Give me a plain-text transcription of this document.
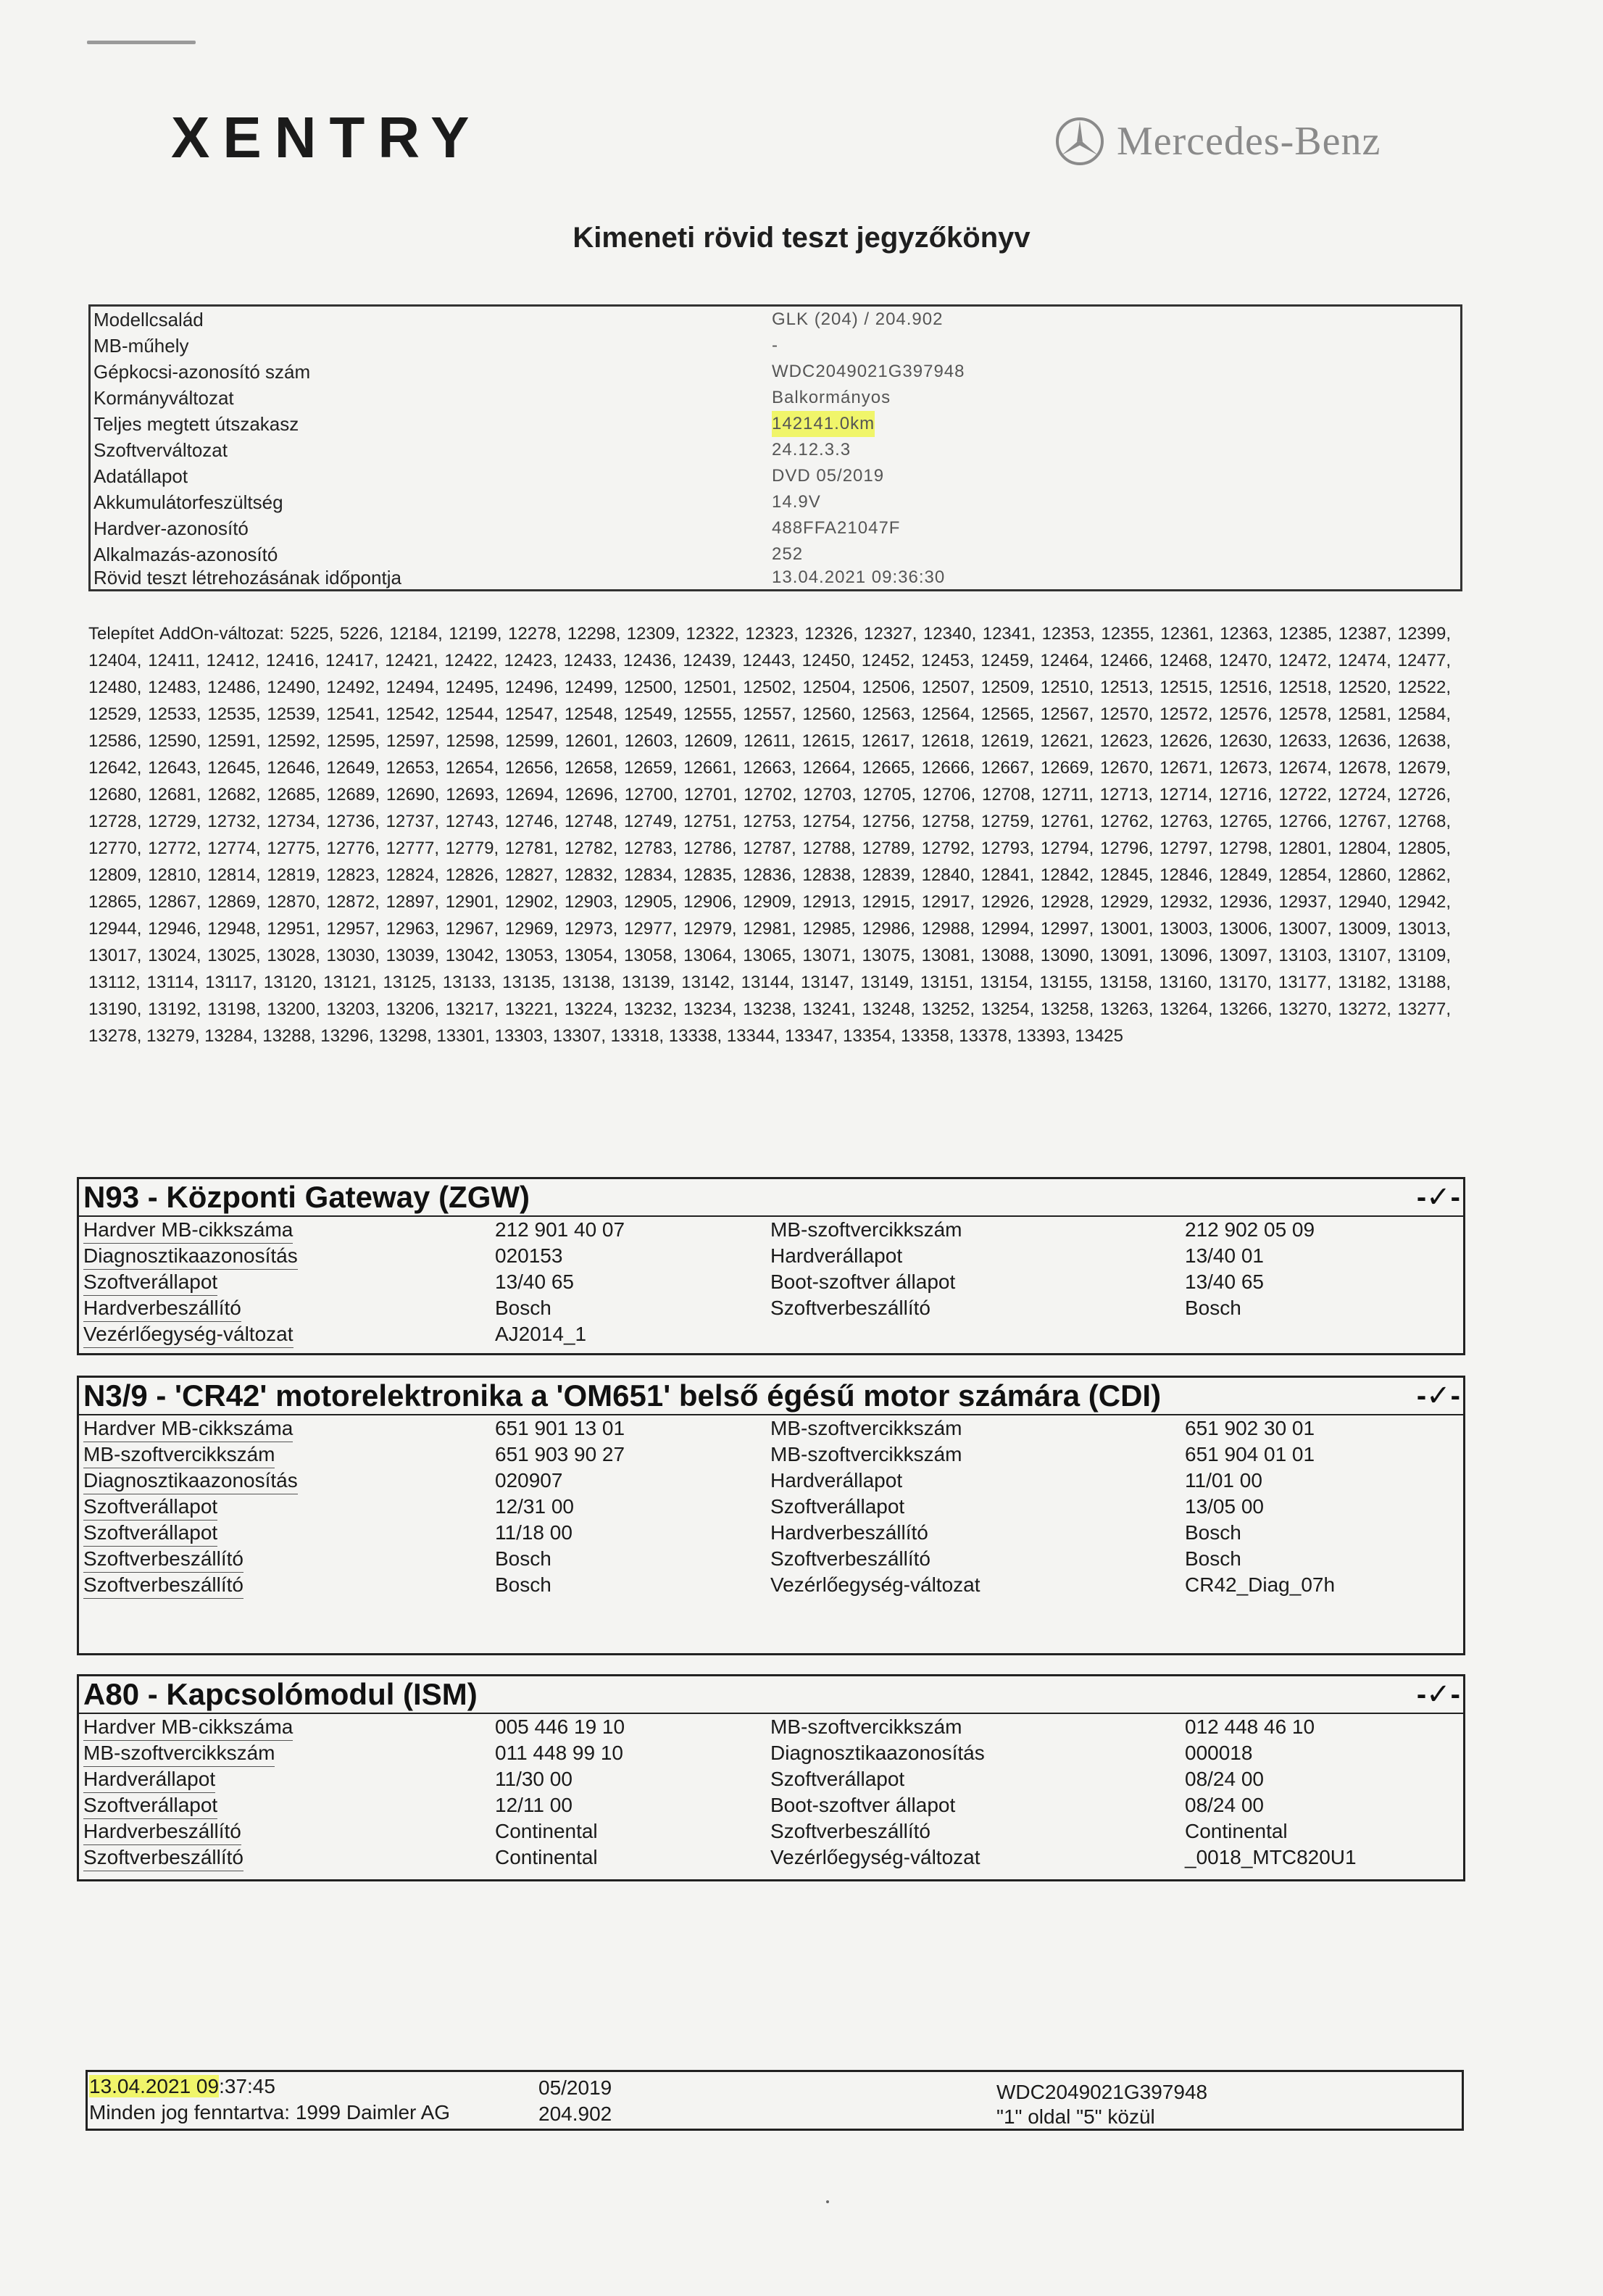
XENTRY	Mercedes-Benz
Kimeneti rövid teszt jegyzőkönyv
Modellcsalád	GLK (204) / 204.902
MB-műhely	-
Gépkocsi-azonosító szám	WDC2049021G397948
Kormányváltozat	Balkormányos
Teljes megtett útszakasz	142141.0km
Szoftverváltozat	24.12.3.3
Adatállapot	DVD 05/2019
Akkumulátorfeszültség	14.9V
Hardver-azonosító	488FFA21047F
Alkalmazás-azonosító	252
Rövid teszt létrehozásának időpontja	13.04.2021 09:36:30
Telepítet AddOn-változat: 5225, 5226, 12184, 12199, 12278, 12298, 12309, 12322, 12323, 12326, 12327, 12340, 12341, 12353, 12355, 12361, 12363, 12385, 12387, 12399, 12404, 12411, 12412, 12416, 12417, 12421, 12422, 12423, 12433, 12436, 12439, 12443, 12450, 12452, 12453, 12459, 12464, 12466, 12468, 12470, 12472, 12474, 12477, 12480, 12483, 12486, 12490, 12492, 12494, 12495, 12496, 12499, 12500, 12501, 12502, 12504, 12506, 12507, 12509, 12510, 12513, 12515, 12516, 12518, 12520, 12522, 12529, 12533, 12535, 12539, 12541, 12542, 12544, 12547, 12548, 12549, 12555, 12557, 12560, 12563, 12564, 12565, 12567, 12570, 12572, 12576, 12578, 12581, 12584, 12586, 12590, 12591, 12592, 12595, 12597, 12598, 12599, 12601, 12603, 12609, 12611, 12615, 12617, 12618, 12619, 12621, 12623, 12626, 12630, 12633, 12636, 12638, 12642, 12643, 12645, 12646, 12649, 12653, 12654, 12656, 12658, 12659, 12661, 12663, 12664, 12665, 12666, 12667, 12669, 12670, 12671, 12673, 12674, 12678, 12679, 12680, 12681, 12682, 12685, 12689, 12690, 12693, 12694, 12696, 12700, 12701, 12702, 12703, 12705, 12706, 12708, 12711, 12713, 12714, 12716, 12722, 12724, 12726, 12728, 12729, 12732, 12734, 12736, 12737, 12743, 12746, 12748, 12749, 12751, 12753, 12754, 12756, 12758, 12759, 12761, 12762, 12763, 12765, 12766, 12767, 12768, 12770, 12772, 12774, 12775, 12776, 12777, 12779, 12781, 12782, 12783, 12786, 12787, 12788, 12789, 12792, 12793, 12794, 12796, 12797, 12798, 12801, 12804, 12805, 12809, 12810, 12814, 12819, 12823, 12824, 12826, 12827, 12832, 12834, 12835, 12836, 12838, 12839, 12840, 12841, 12842, 12845, 12846, 12849, 12854, 12860, 12862, 12865, 12867, 12869, 12870, 12872, 12897, 12901, 12902, 12903, 12905, 12906, 12909, 12913, 12915, 12917, 12926, 12928, 12929, 12932, 12936, 12937, 12940, 12942, 12944, 12946, 12948, 12951, 12957, 12963, 12967, 12969, 12973, 12977, 12979, 12981, 12985, 12986, 12988, 12994, 12997, 13001, 13003, 13006, 13007, 13009, 13013, 13017, 13024, 13025, 13028, 13030, 13039, 13042, 13053, 13054, 13058, 13064, 13065, 13071, 13075, 13081, 13088, 13090, 13091, 13096, 13097, 13103, 13107, 13109, 13112, 13114, 13117, 13120, 13121, 13125, 13133, 13135, 13138, 13139, 13142, 13144, 13147, 13149, 13151, 13154, 13155, 13158, 13160, 13170, 13177, 13182, 13188, 13190, 13192, 13198, 13200, 13203, 13206, 13217, 13221, 13224, 13232, 13234, 13238, 13241, 13248, 13252, 13254, 13258, 13263, 13264, 13266, 13270, 13272, 13277, 13278, 13279, 13284, 13288, 13296, 13298, 13301, 13303, 13307, 13318, 13338, 13344, 13347, 13354, 13358, 13378, 13393, 13425
N93 - Központi Gateway (ZGW)	-✓-
Hardver MB-cikkszáma	212 901 40 07	MB-szoftvercikkszám	212 902 05 09
Diagnosztikaazonosítás	020153	Hardverállapot	13/40 01
Szoftverállapot	13/40 65	Boot-szoftver állapot	13/40 65
Hardverbeszállító	Bosch	Szoftverbeszállító	Bosch
Vezérlőegység-változat	AJ2014_1
N3/9 - 'CR42' motorelektronika a 'OM651' belső égésű motor számára (CDI)	-✓-
Hardver MB-cikkszáma	651 901 13 01	MB-szoftvercikkszám	651 902 30 01
MB-szoftvercikkszám	651 903 90 27	MB-szoftvercikkszám	651 904 01 01
Diagnosztikaazonosítás	020907	Hardverállapot	11/01 00
Szoftverállapot	12/31 00	Szoftverállapot	13/05 00
Szoftverállapot	11/18 00	Hardverbeszállító	Bosch
Szoftverbeszállító	Bosch	Szoftverbeszállító	Bosch
Szoftverbeszállító	Bosch	Vezérlőegység-változat	CR42_Diag_07h
A80 - Kapcsolómodul (ISM)	-✓-
Hardver MB-cikkszáma	005 446 19 10	MB-szoftvercikkszám	012 448 46 10
MB-szoftvercikkszám	011 448 99 10	Diagnosztikaazonosítás	000018
Hardverállapot	11/30 00	Szoftverállapot	08/24 00
Szoftverállapot	12/11 00	Boot-szoftver állapot	08/24 00
Hardverbeszállító	Continental	Szoftverbeszállító	Continental
Szoftverbeszállító	Continental	Vezérlőegység-változat	_0018_MTC820U1
13.04.2021 09:37:45
Minden jog fenntartva: 1999 Daimler AG
05/2019
204.902
WDC2049021G397948
"1" oldal "5" közül
